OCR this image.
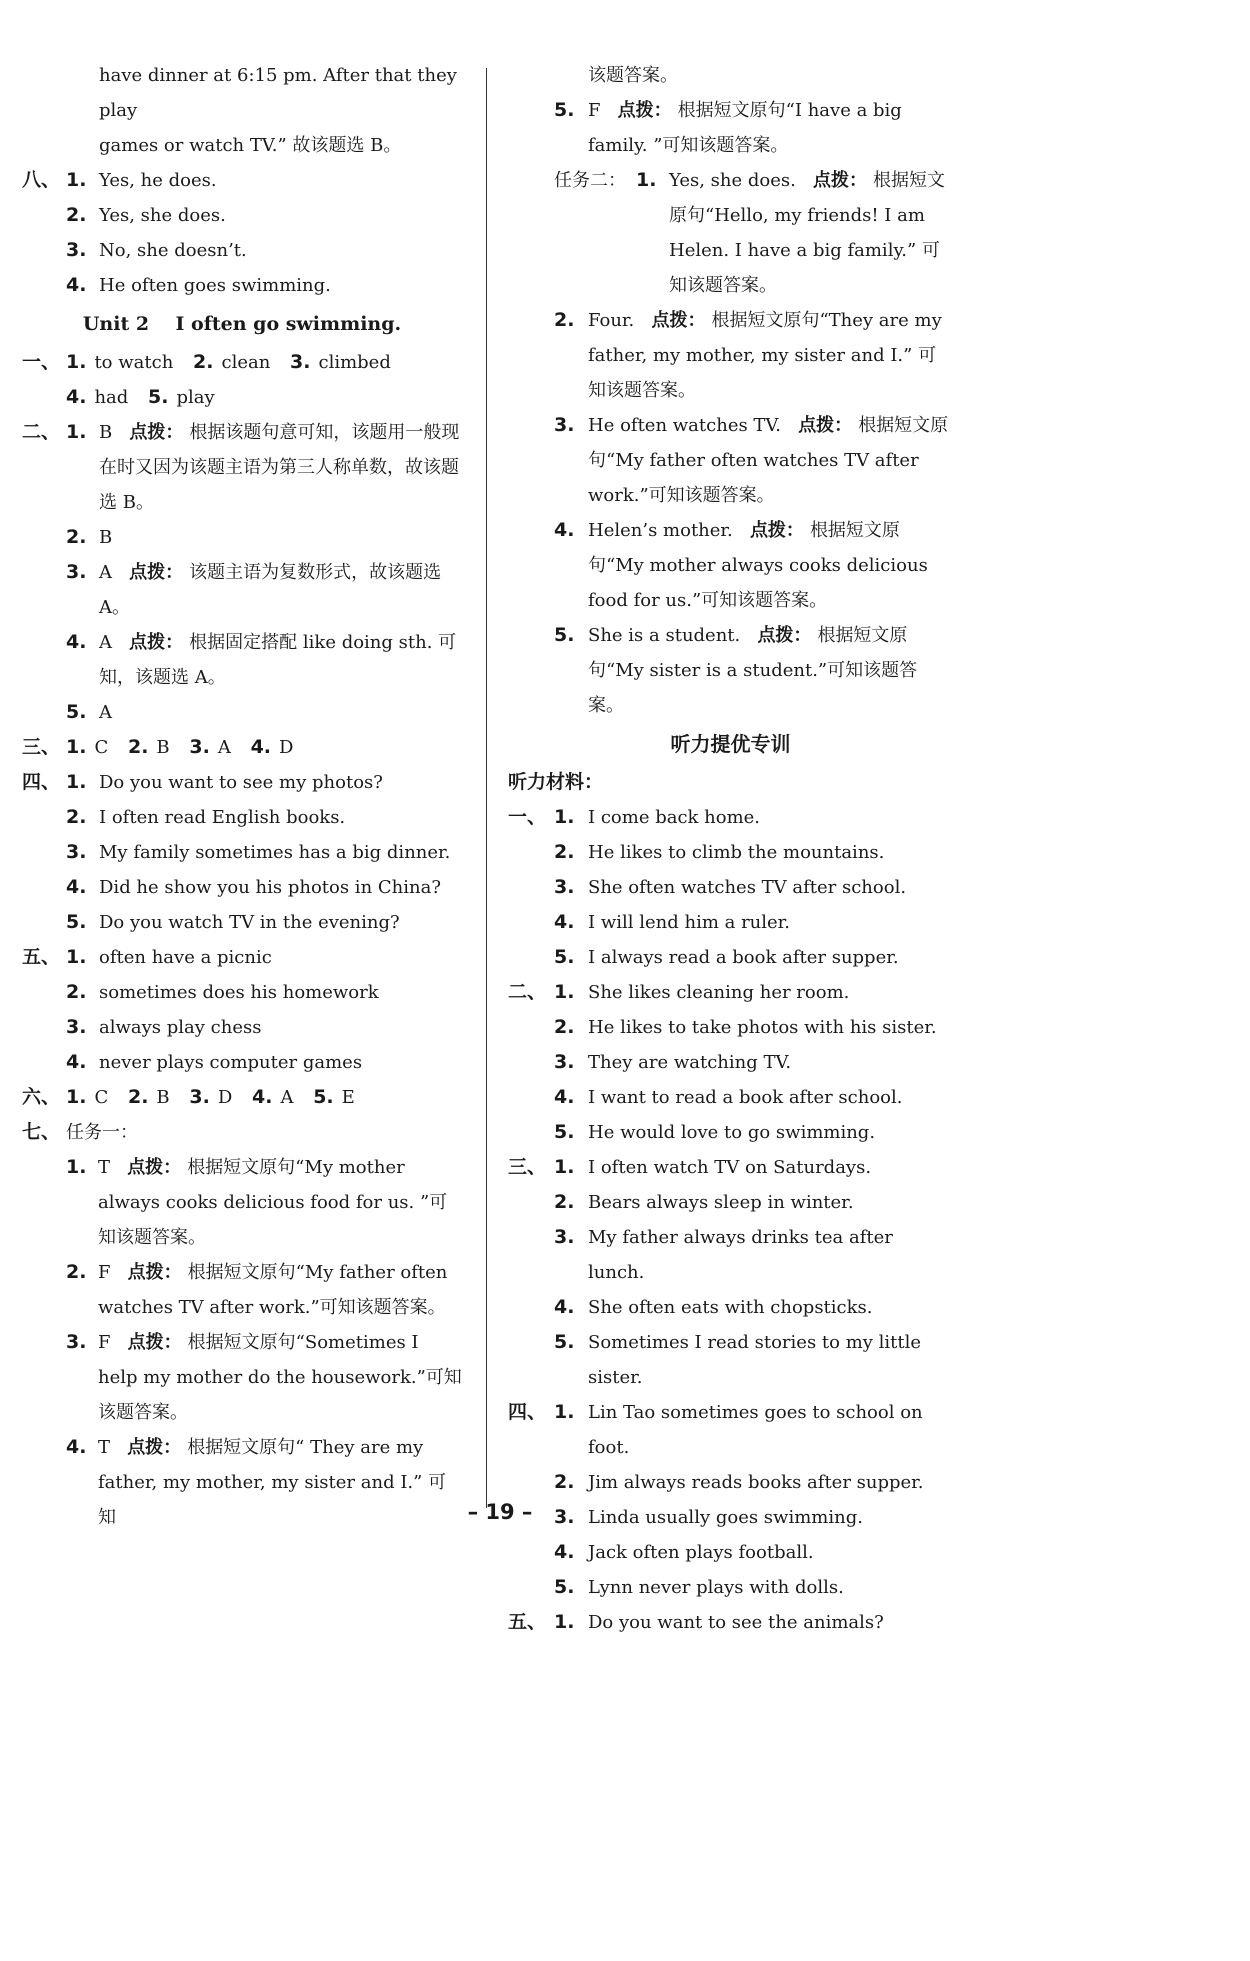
have dinner at 6:15 pm. After that they play
games or watch TV.” 故该题选 B。
八、 1. Yes, he does.
2. Yes, she does.
3. No, she doesn’t.
4. He often goes swimming.
Unit 2    I often go swimming.
一、 1. to watch 2. clean 3. climbed
4. had 5. play
二、 1. B 点拨： 根据该题句意可知，该题用一般现在时又因为该题主语为第三人称单数，故该题选 B。
2. B
3. A 点拨： 该题主语为复数形式，故该题选 A。
4. A 点拨： 根据固定搭配 like doing sth. 可知，该题选 A。
5. A
三、 1. C 2. B 3. A 4. D
四、 1. Do you want to see my photos?
2. I often read English books.
3. My family sometimes has a big dinner.
4. Did he show you his photos in China?
5. Do you watch TV in the evening?
五、 1. often have a picnic
2. sometimes does his homework
3. always play chess
4. never plays computer games
六、 1. C 2. B 3. D 4. A 5. E
七、 任务一：
1. T 点拨： 根据短文原句“My mother always cooks delicious food for us. ”可知该题答案。
2. F 点拨： 根据短文原句“My father often watches TV after work.”可知该题答案。
3. F 点拨： 根据短文原句“Sometimes I help my mother do the housework.”可知该题答案。
4. T 点拨： 根据短文原句“ They are my father, my mother, my sister and I.” 可知
该题答案。
5. F 点拨： 根据短文原句“I have a big family. ”可知该题答案。
任务二： 1. Yes, she does. 点拨： 根据短文原句“Hello, my friends! I am Helen. I have a big family.” 可知该题答案。
2. Four. 点拨： 根据短文原句“They are my father, my mother, my sister and I.” 可知该题答案。
3. He often watches TV. 点拨： 根据短文原句“My father often watches TV after work.”可知该题答案。
4. Helen’s mother. 点拨： 根据短文原句“My mother always cooks delicious food for us.”可知该题答案。
5. She is a student. 点拨： 根据短文原句“My sister is a student.”可知该题答案。
听力提优专训
听力材料：
一、 1. I come back home.
2. He likes to climb the mountains.
3. She often watches TV after school.
4. I will lend him a ruler.
5. I always read a book after supper.
二、 1. She likes cleaning her room.
2. He likes to take photos with his sister.
3. They are watching TV.
4. I want to read a book after school.
5. He would love to go swimming.
三、 1. I often watch TV on Saturdays.
2. Bears always sleep in winter.
3. My father always drinks tea after lunch.
4. She often eats with chopsticks.
5. Sometimes I read stories to my little sister.
四、 1. Lin Tao sometimes goes to school on foot.
2. Jim always reads books after supper.
3. Linda usually goes swimming.
4. Jack often plays football.
5. Lynn never plays with dolls.
五、 1. Do you want to see the animals?
– 19 –
